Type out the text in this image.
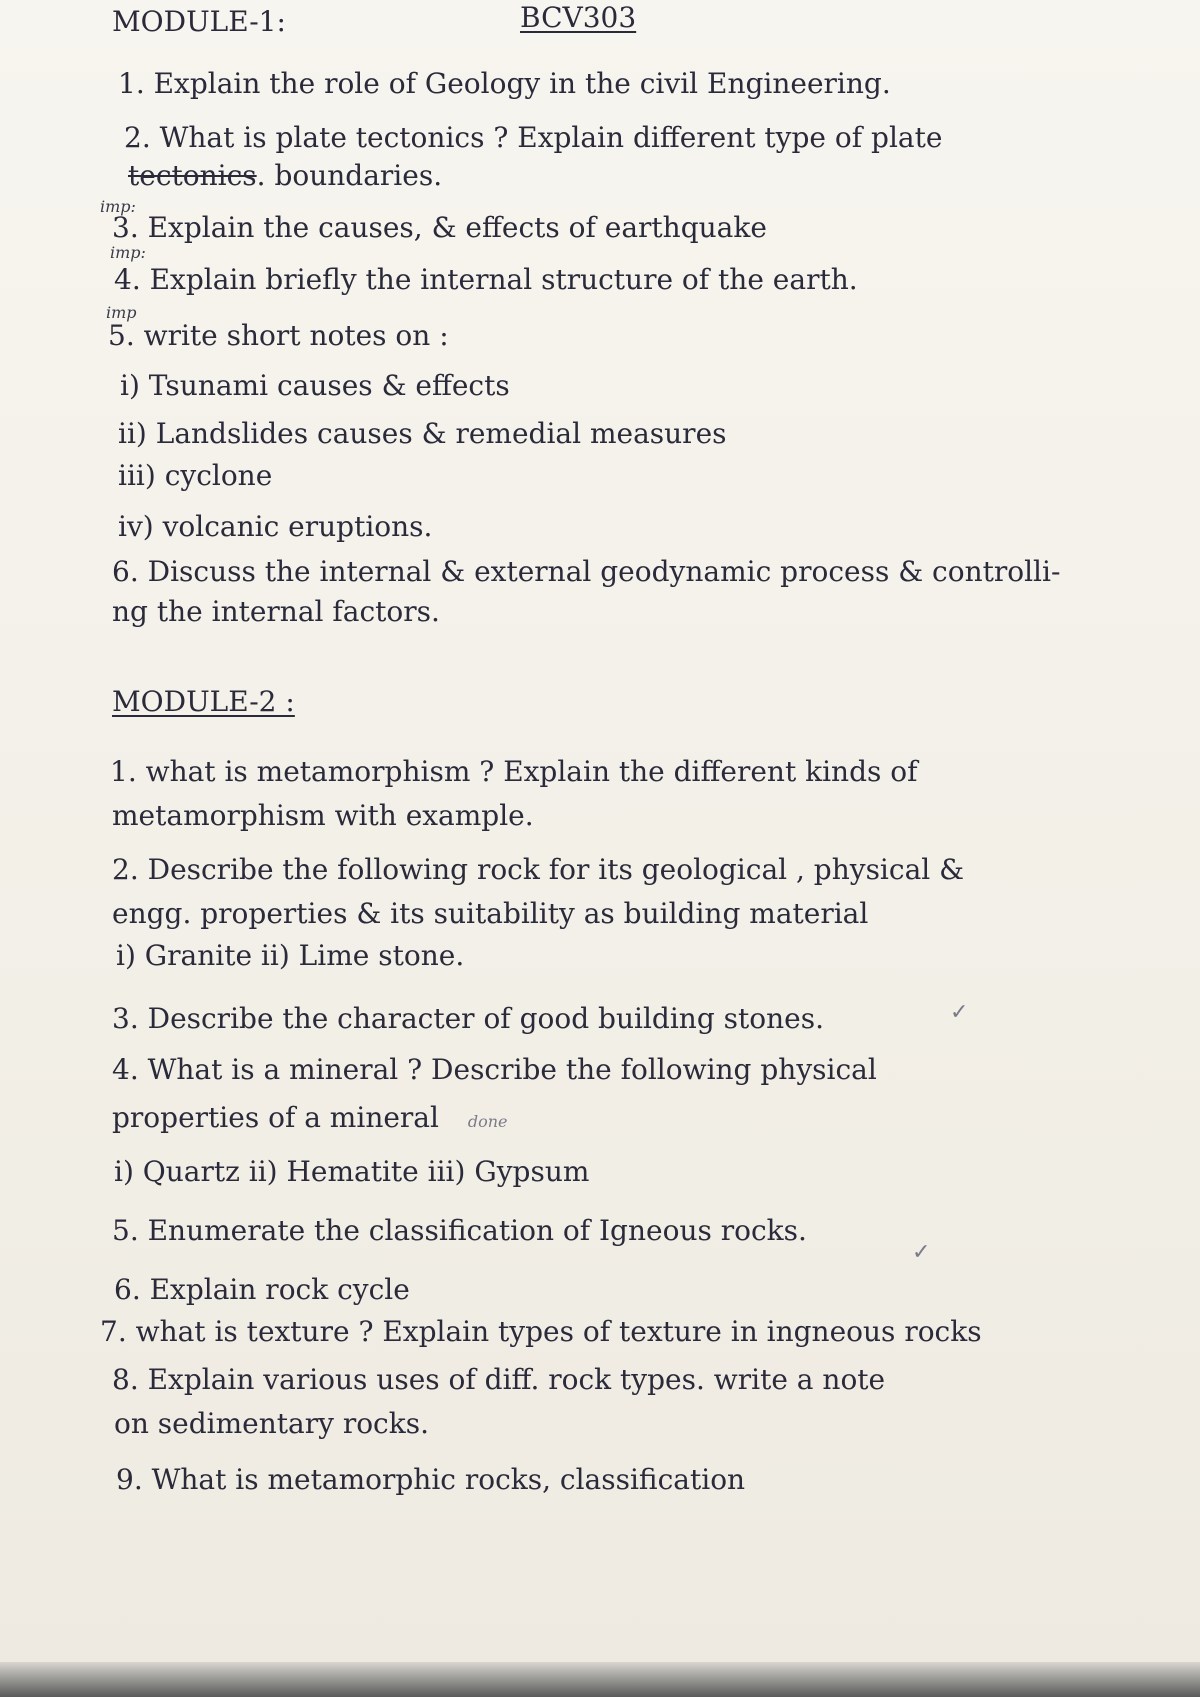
MODULE-1:	BCV303
1. Explain the role of Geology in the civil Engineering.
2. What is plate tectonics ? Explain different type of plate
tectonics. boundaries.
imp:
3. Explain the causes, & effects of earthquake
imp:
4. Explain briefly the internal structure of the earth.
imp
5. write short notes on :
i) Tsunami causes & effects
ii) Landslides causes & remedial measures
iii) cyclone
iv) volcanic eruptions.
6. Discuss the internal & external geodynamic process & controlli-
ng the internal factors.
MODULE-2 :
1. what is metamorphism ? Explain the different kinds of
metamorphism with example.
2. Describe the following rock for its geological , physical &
engg. properties & its suitability as building material
i) Granite ii) Lime stone.
3. Describe the character of good building stones.	✓
4. What is a mineral ? Describe the following physical
properties of a mineral done
i) Quartz ii) Hematite iii) Gypsum
5. Enumerate the classification of Igneous rocks.
✓
6. Explain rock cycle
7. what is texture ? Explain types of texture in ingneous rocks
8. Explain various uses of diff. rock types. write a note
on sedimentary rocks.
9. What is metamorphic rocks, classification
